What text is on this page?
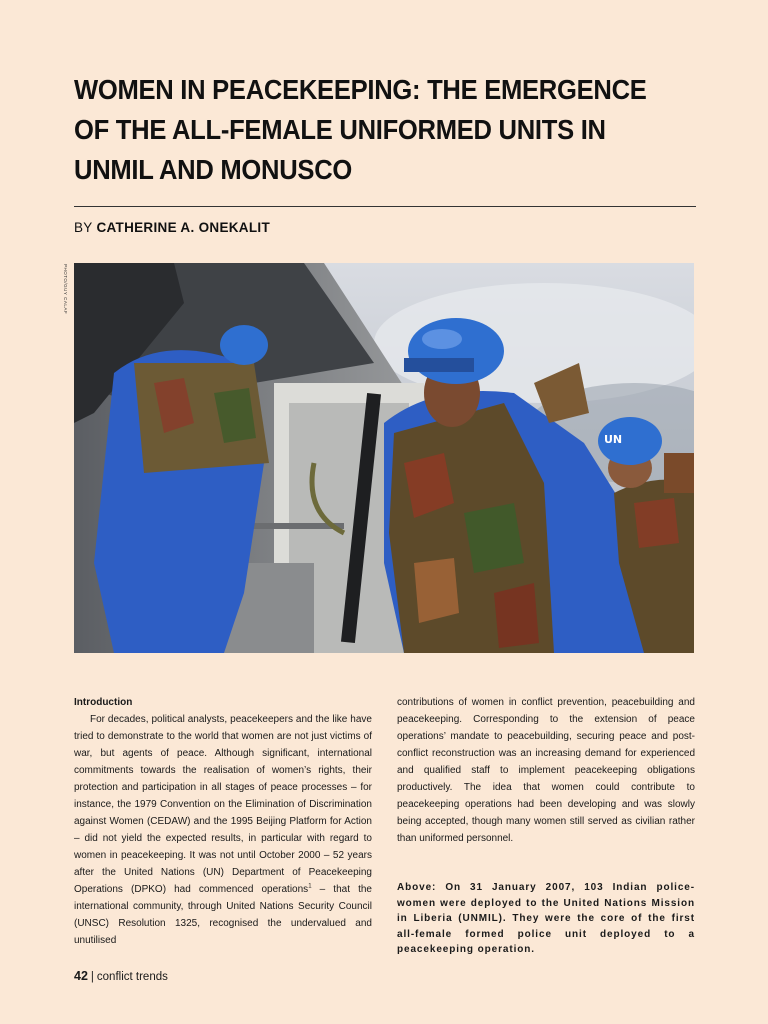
WOMEN IN PEACEKEEPING: THE EMERGENCE OF THE ALL-FEMALE UNIFORMED UNITS IN UNMIL AND MONUSCO
BY CATHERINE A. ONEKALIT
PHOTO/GUY CALAF
UN
Introduction

For decades, political analysts, peacekeepers and the like have tried to demonstrate to the world that women are not just victims of war, but agents of peace. Although significant, international commitments towards the realisation of women’s rights, their protection and participation in all stages of peace processes – for instance, the 1979 Convention on the Elimination of Discrimination against Women (CEDAW) and the 1995 Beijing Platform for Action – did not yield the expected results, in particular with regard to women in peacekeeping. It was not until October 2000 – 52 years after the United Nations (UN) Department of Peacekeeping Operations (DPKO) had commenced operations$^1$ – that the international community, through United Nations Security Council (UNSC) Resolution 1325, recognised the undervalued and unutilised

contributions of women in conflict prevention, peacebuilding and peacekeeping. Corresponding to the extension of peace operations’ mandate to peacebuilding, securing peace and post-conflict reconstruction was an increasing demand for experienced and qualified staff to implement peacekeeping obligations productively. The idea that women could contribute to peacekeeping operations had been developing and was slowly being accepted, though many women still served as civilian rather than uniformed personnel.

Above: On 31 January 2007, 103 Indian police-women were deployed to the United Nations Mission in Liberia (UNMIL). They were the core of the first all-female formed police unit deployed to a peacekeeping operation.
42 | conflict trends
